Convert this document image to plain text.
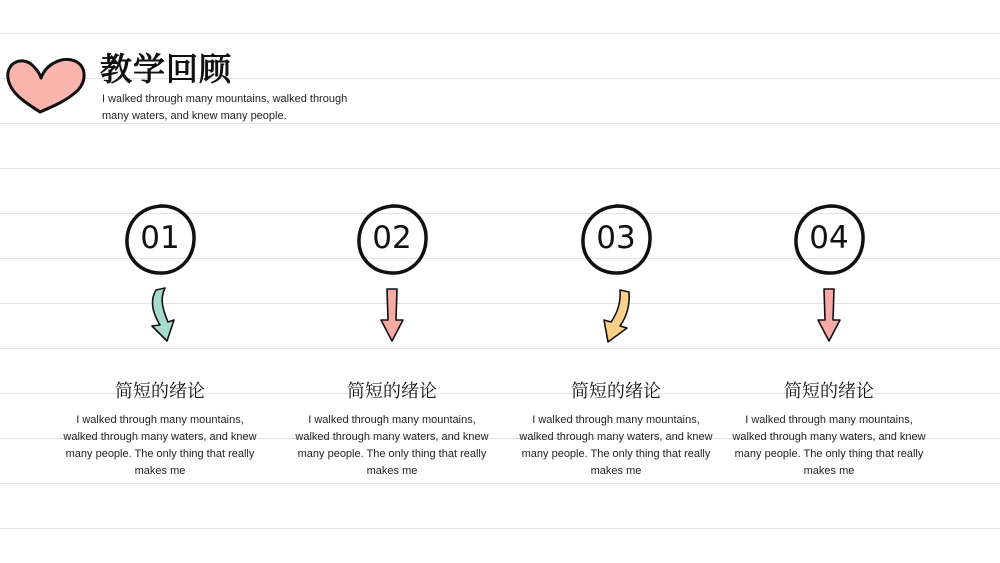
教学回顾
I walked through many mountains, walked through many waters, and knew many people.
01
简短的绪论
I walked through many mountains, walked through many waters, and knew many people. The only thing that really makes me
02
简短的绪论
I walked through many mountains, walked through many waters, and knew many people. The only thing that really makes me
03
简短的绪论
I walked through many mountains, walked through many waters, and knew many people. The only thing that really makes me
04
简短的绪论
I walked through many mountains, walked through many waters, and knew many people. The only thing that really makes me
